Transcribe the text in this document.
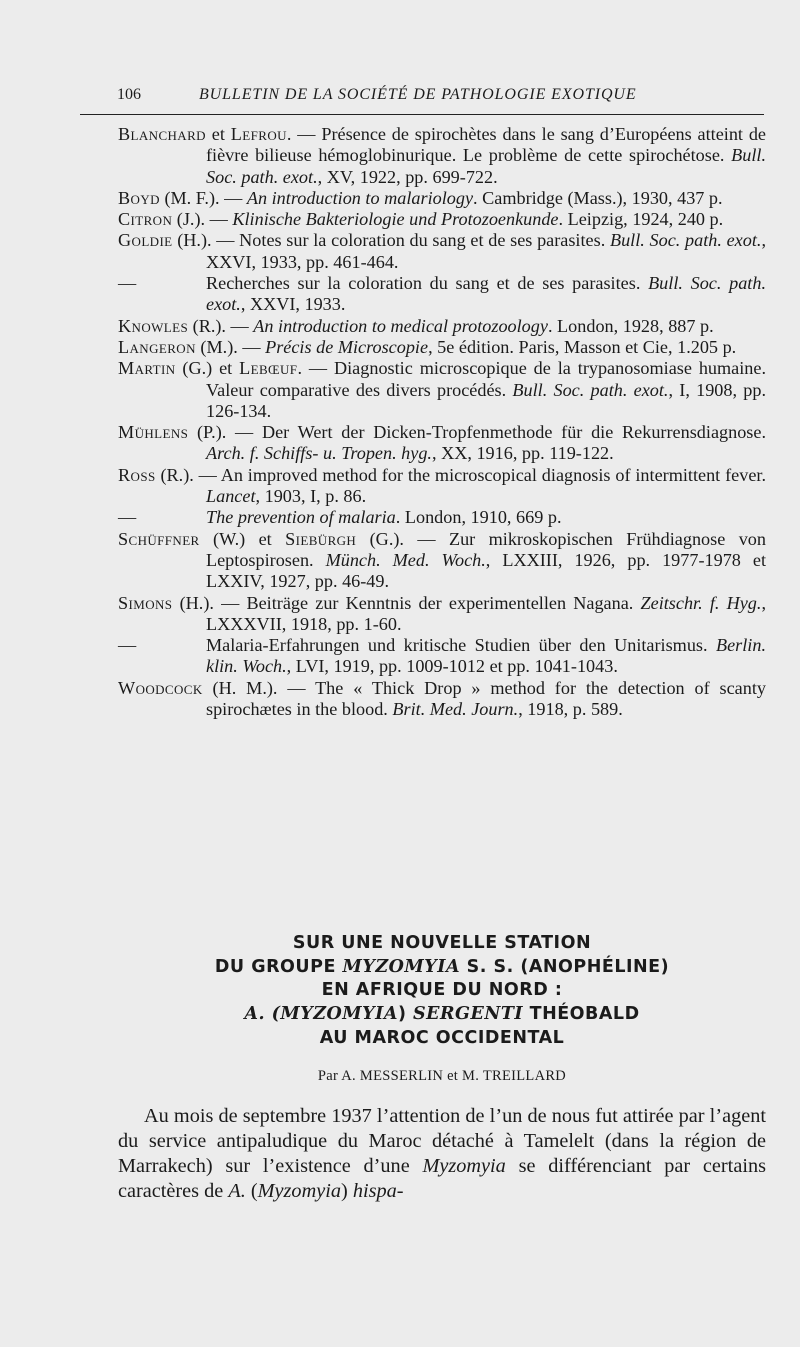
106	BULLETIN DE LA SOCIÉTÉ DE PATHOLOGIE EXOTIQUE

Blanchard et Lefrou. — Présence de spirochètes dans le sang d’Européens atteint de fièvre bilieuse hémoglobinurique. Le problème de cette spirochétose. Bull. Soc. path. exot., XV, 1922, pp. 699-722.

Boyd (M. F.). — An introduction to malariology. Cambridge (Mass.), 1930, 437 p.

Citron (J.). — Klinische Bakteriologie und Protozoenkunde. Leipzig, 1924, 240 p.

Goldie (H.). — Notes sur la coloration du sang et de ses parasites. Bull. Soc. path. exot., XXVI, 1933, pp. 461-464.

—	Recherches sur la coloration du sang et de ses parasites. Bull. Soc. path. exot., XXVI, 1933.

Knowles (R.). — An introduction to medical protozoology. London, 1928, 887 p.

Langeron (M.). — Précis de Microscopie, 5e édition. Paris, Masson et Cie, 1.205 p.

Martin (G.) et Lebœuf. — Diagnostic microscopique de la trypanosomiase humaine. Valeur comparative des divers procédés. Bull. Soc. path. exot., I, 1908, pp. 126-134.

Mühlens (P.). — Der Wert der Dicken-Tropfenmethode für die Rekurrensdiagnose. Arch. f. Schiffs- u. Tropen. hyg., XX, 1916, pp. 119-122.

Ross (R.). — An improved method for the microscopical diagnosis of intermittent fever. Lancet, 1903, I, p. 86.

—	The prevention of malaria. London, 1910, 669 p.

Schüffner (W.) et Siebürgh (G.). — Zur mikroskopischen Frühdiagnose von Leptospirosen. Münch. Med. Woch., LXXIII, 1926, pp. 1977-1978 et LXXIV, 1927, pp. 46-49.

Simons (H.). — Beiträge zur Kenntnis der experimentellen Nagana. Zeitschr. f. Hyg., LXXXVII, 1918, pp. 1-60.

—	Malaria-Erfahrungen und kritische Studien über den Unitarismus. Berlin. klin. Woch., LVI, 1919, pp. 1009-1012 et pp. 1041-1043.

Woodcock (H. M.). — The « Thick Drop » method for the detection of scanty spirochætes in the blood. Brit. Med. Journ., 1918, p. 589.

SUR UNE NOUVELLE STATION
DU GROUPE MYZOMYIA S. S. (ANOPHÉLINE)
EN AFRIQUE DU NORD :
A. (MYZOMYIA) SERGENTI THÉOBALD
AU MAROC OCCIDENTAL
Par A. MESSERLIN et M. TREILLARD

Au mois de septembre 1937 l’attention de l’un de nous fut attirée par l’agent du service antipaludique du Maroc détaché à Tamelelt (dans la région de Marrakech) sur l’existence d’une Myzomyia se différenciant par certains caractères de A. (Myzomyia) hispa-
